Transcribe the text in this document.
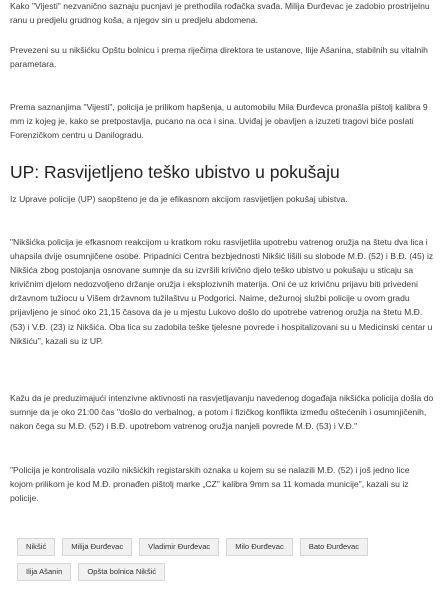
Kako "Vijesti" nezvanično saznaju pucnjavi je prethodila rođačka svađa. Milija Đurđevac je zadobio prostrijelnu ranu u predjelu grudnog koša, a njegov sin u predjelu abdomena.

Prevezeni su u nikšićku Opštu bolnicu i prema riječima direktora te ustanove, Ilije Ašanina, stabilnih su vitalnih parametara.

Prema saznanjima "Vijesti", policija je prilikom hapšenja, u automobilu Mila Đurđevca pronašla pištolj kalibra 9 mm iz kojeg je, kako se pretpostavlja, pucano na oca i sina. Uviđaj je obavljen a izuzeti tragovi biće poslati Forenzičkom centru u Danilogradu.

UP: Rasvijetljeno teško ubistvo u pokušaju

Iz Uprave policije (UP) saopšteno je da je efikasnom akcijom rasvijetljen pokušaj ubistva.

"Nikšićka policija je efkasnom reakcijom u kratkom roku rasvijetlila upotrebu vatrenog oružja na štetu dva lica i uhapsila dvije osumnjičene osobe. Pripadnici Centra bezbjednosti Nikšić lišili su slobode M.Đ. (52) i B.Đ. (45) iz Nikšića zbog postojanja osnovane sumnje da su izvršili krivično djelo teško ubistvo u pokušaju u sticaju sa krivičnim djelom nedozvoljeno držanje oružja i eksplozivnih materija. Oni će uz krivičnu prijavu biti privedeni državnom tužiocu u Višem državnom tužilaštvu u Podgorici. Naime, dežurnoj službi policije u ovom gradu prijavljeno je sinoć oko 21,15 časova da je u mjestu Lukovo došlo do upotrebe vatrenog oružja na štetu M.Đ. (53) i V.Đ. (23) iz Nikšića. Oba lica su zadobila teške tjelesne povrede i hospitalizovani su u Medicinski centar u Nikšiću", kazali su iz UP.

Kažu da je preduzimajući intenzivne aktivnosti na rasvjetljavanju navedenog događaja nikšićka policija došla do sumnje da je oko 21:00 čas "došlo do verbalnog, a potom i fizičkog konflikta između oštećenih i osumnjičenih, nakon čega su M.Đ. (52) i B.Đ. upotrebom vatrenog oružja nanjeli povrede M.Đ. (53) i V.Đ."

"Policija je kontrolisala vozilo nikšićkih registarskih oznaka u kojem su se nalazili M.Đ. (52) i još jedno lice kojom prilikom je kod M.Đ. pronađen pištolj marke „CZ" kalibra 9mm sa 11 komada municije", kazali su iz policije.

Nikšić	Milija Đurđevac	Vladimir Đurđevac	Milo Đurđevac	Bato Đurđevac
Ilija Ašanin	Opšta bolnica Nikšić
